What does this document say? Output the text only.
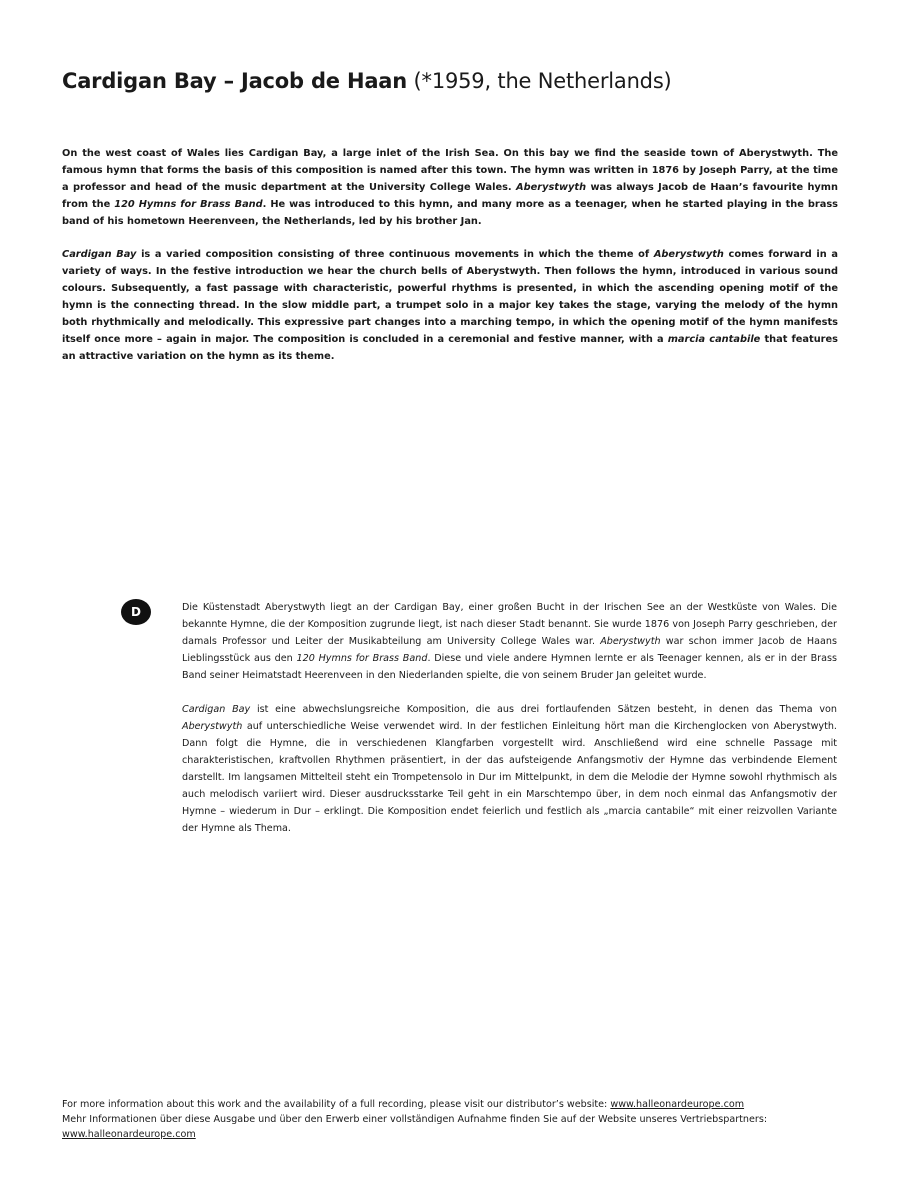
Cardigan Bay – Jacob de Haan (*1959, the Netherlands)

On the west coast of Wales lies Cardigan Bay, a large inlet of the Irish Sea. On this bay we find the seaside town of Aberystwyth. The famous hymn that forms the basis of this composition is named after this town. The hymn was written in 1876 by Joseph Parry, at the time a professor and head of the music department at the University College Wales. Aberystwyth was always Jacob de Haan’s favourite hymn from the 120 Hymns for Brass Band. He was introduced to this hymn, and many more as a teenager, when he started playing in the brass band of his hometown Heerenveen, the Netherlands, led by his brother Jan.

Cardigan Bay is a varied composition consisting of three continuous movements in which the theme of Aberystwyth comes forward in a variety of ways. In the festive introduction we hear the church bells of Aberystwyth. Then follows the hymn, introduced in various sound colours. Subsequently, a fast passage with characteristic, powerful rhythms is presented, in which the ascending opening motif of the hymn is the connecting thread. In the slow middle part, a trumpet solo in a major key takes the stage, varying the melody of the hymn both rhythmically and melodically. This expressive part changes into a marching tempo, in which the opening motif of the hymn manifests itself once more – again in major. The composition is concluded in a ceremonial and festive manner, with a marcia cantabile that features an attractive variation on the hymn as its theme.

D	Die Küstenstadt Aberystwyth liegt an der Cardigan Bay, einer großen Bucht in der Irischen See an der Westküste von Wales. Die bekannte Hymne, die der Komposition zugrunde liegt, ist nach dieser Stadt benannt. Sie wurde 1876 von Joseph Parry geschrieben, der damals Professor und Leiter der Musikabteilung am University College Wales war. Aberystwyth war schon immer Jacob de Haans Lieblingsstück aus den 120 Hymns for Brass Band. Diese und viele andere Hymnen lernte er als Teenager kennen, als er in der Brass Band seiner Heimatstadt Heerenveen in den Niederlanden spielte, die von seinem Bruder Jan geleitet wurde.

Cardigan Bay ist eine abwechslungsreiche Komposition, die aus drei fortlaufenden Sätzen besteht, in denen das Thema von Aberystwyth auf unterschiedliche Weise verwendet wird. In der festlichen Einleitung hört man die Kirchenglocken von Aberystwyth. Dann folgt die Hymne, die in verschiedenen Klangfarben vorgestellt wird. Anschließend wird eine schnelle Passage mit charakteristischen, kraftvollen Rhythmen präsentiert, in der das aufsteigende Anfangsmotiv der Hymne das verbindende Element darstellt. Im langsamen Mittelteil steht ein Trompetensolo in Dur im Mittelpunkt, in dem die Melodie der Hymne sowohl rhythmisch als auch melodisch variiert wird. Dieser ausdrucksstarke Teil geht in ein Marschtempo über, in dem noch einmal das Anfangsmotiv der Hymne – wiederum in Dur – erklingt. Die Komposition endet feierlich und festlich als „marcia cantabile“ mit einer reizvollen Variante der Hymne als Thema.

For more information about this work and the availability of a full recording, please visit our distributor’s website: www.halleonardeurope.com
Mehr Informationen über diese Ausgabe und über den Erwerb einer vollständigen Aufnahme finden Sie auf der Website unseres Vertriebspartners:
www.halleonardeurope.com
